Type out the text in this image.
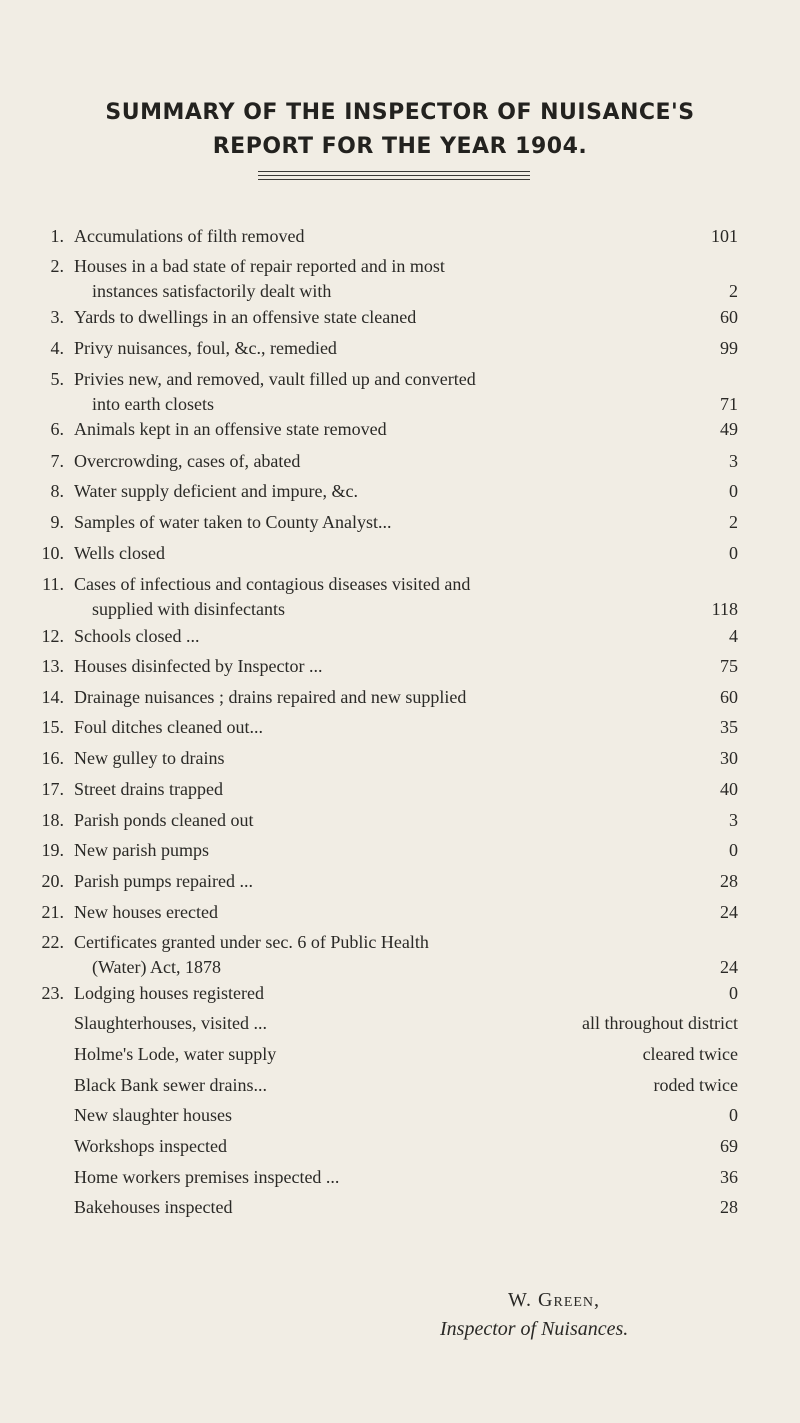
SUMMARY OF THE INSPECTOR OF NUISANCE'S
REPORT FOR THE YEAR 1904.
1. Accumulations of filth removed	101
2. Houses in a bad state of repair reported and in most
instances satisfactorily dealt with	2
3. Yards to dwellings in an offensive state cleaned	60
4. Privy nuisances, foul, &c., remedied	99
5. Privies new, and removed, vault filled up and converted
into earth closets	71
6. Animals kept in an offensive state removed	49
7. Overcrowding, cases of, abated	3
8. Water supply deficient and impure, &c.	0
9. Samples of water taken to County Analyst...	2
10. Wells closed	0
11. Cases of infectious and contagious diseases visited and
supplied with disinfectants	118
12. Schools closed ...	4
13. Houses disinfected by Inspector ...	75
14. Drainage nuisances ; drains repaired and new supplied	60
15. Foul ditches cleaned out...	35
16. New gulley to drains	30
17. Street drains trapped	40
18. Parish ponds cleaned out	3
19. New parish pumps	0
20. Parish pumps repaired ...	28
21. New houses erected	24
22. Certificates granted under sec. 6 of Public Health
(Water) Act, 1878	24
23. Lodging houses registered	0
Slaughterhouses, visited ...	all throughout district
Holme's Lode, water supply	cleared twice
Black Bank sewer drains...	roded twice
New slaughter houses	0
Workshops inspected	69
Home workers premises inspected ...	36
Bakehouses inspected	28
W. Green,
Inspector of Nuisances.
